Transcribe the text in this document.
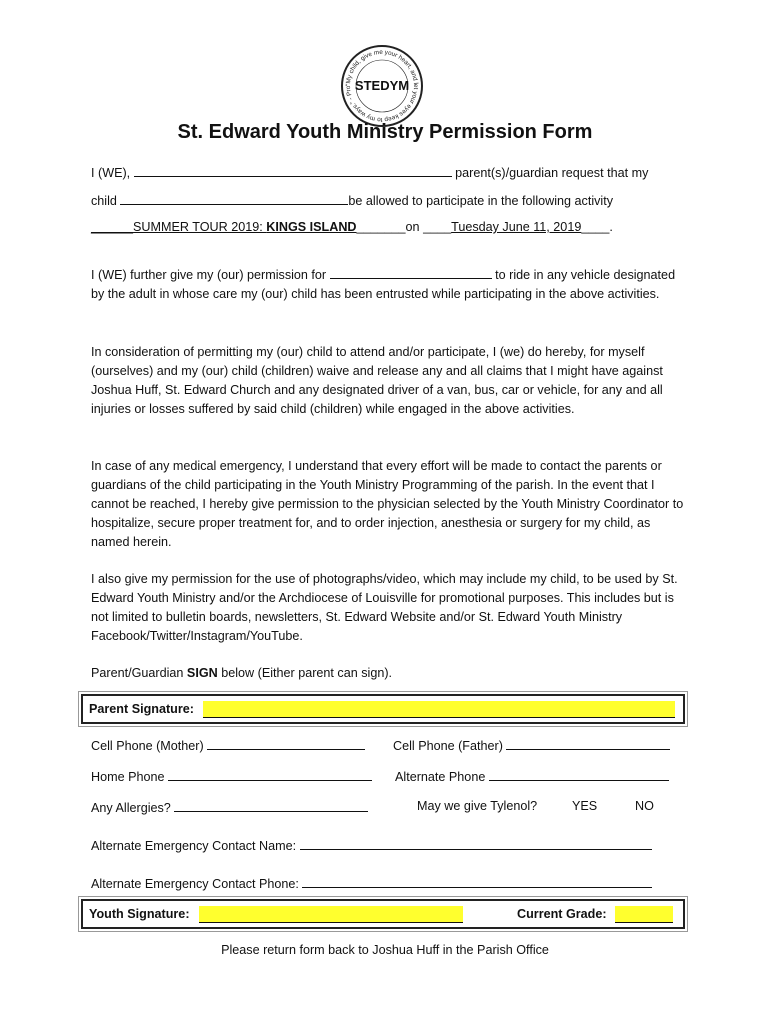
"My child, give me your heart, and let your eyes keep to my ways." - Pro STEDYM
St. Edward Youth Ministry Permission Form
I (WE),	parent(s)/guardian request that my
child	be allowed to participate in the following activity
______SUMMER TOUR 2019: KINGS ISLAND_______on ____Tuesday June 11, 2019____.

I (WE) further give my (our) permission for	to ride in any vehicle designated by the adult in whose care my (our) child has been entrusted while participating in the above activities.

In consideration of permitting my (our) child to attend and/or participate, I (we) do hereby, for myself (ourselves) and my (our) child (children) waive and release any and all claims that I might have against Joshua Huff, St. Edward Church and any designated driver of a van, bus, car or vehicle, for any and all injuries or losses suffered by said child (children) while engaged in the above activities.

In case of any medical emergency, I understand that every effort will be made to contact the parents or guardians of the child participating in the Youth Ministry Programming of the parish. In the event that I cannot be reached, I hereby give permission to the physician selected by the Youth Ministry Coordinator to hospitalize, secure proper treatment for, and to order injection, anesthesia or surgery for my child, as named herein.

I also give my permission for the use of photographs/video, which may include my child, to be used by St. Edward Youth Ministry and/or the Archdiocese of Louisville for promotional purposes. This includes but is not limited to bulletin boards, newsletters, St. Edward Website and/or St. Edward Youth Ministry Facebook/Twitter/Instagram/YouTube.

Parent/Guardian SIGN below (Either parent can sign).
Parent Signature:
Cell Phone (Mother)	Cell Phone (Father)
Home Phone	Alternate Phone
Any Allergies?	May we give Tylenol?	YES	NO
Alternate Emergency Contact Name:
Alternate Emergency Contact Phone:
Youth Signature:	Current Grade:
Please return form back to Joshua Huff in the Parish Office
